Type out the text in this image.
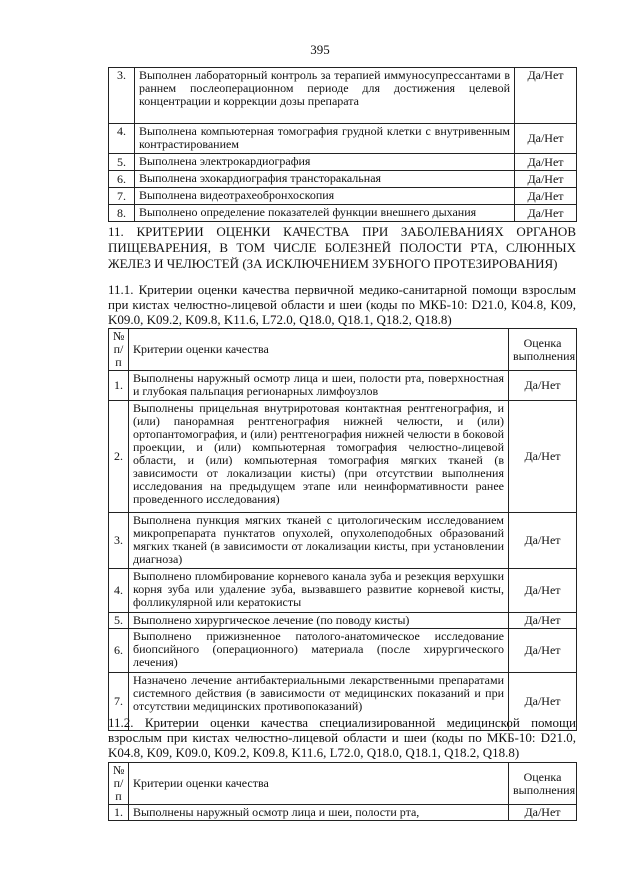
395
3.	Выполнен лабораторный контроль за терапией иммуносупрессантами в раннем послеоперационном периоде для достижения целевой концентрации и коррекции дозы препарата	Да/Нет
4.	Выполнена компьютерная томография грудной клетки с внутривенным контрастированием	Да/Нет
5.	Выполнена электрокардиография	Да/Нет
6.	Выполнена эхокардиография трансторакальная	Да/Нет
7.	Выполнена видеотрахеобронхоскопия	Да/Нет
8.	Выполнено определение показателей функции внешнего дыхания	Да/Нет
11. КРИТЕРИИ ОЦЕНКИ КАЧЕСТВА ПРИ ЗАБОЛЕВАНИЯХ ОРГАНОВ ПИЩЕВАРЕНИЯ, В ТОМ ЧИСЛЕ БОЛЕЗНЕЙ ПОЛОСТИ РТА, СЛЮННЫХ ЖЕЛЕЗ И ЧЕЛЮСТЕЙ (ЗА ИСКЛЮЧЕНИЕМ ЗУБНОГО ПРОТЕЗИРОВАНИЯ)
11.1. Критерии оценки качества первичной медико-санитарной помощи взрослым при кистах челюстно-лицевой области и шеи (коды по МКБ-10: D21.0, K04.8, K09, K09.0, K09.2, K09.8, K11.6, L72.0, Q18.0, Q18.1, Q18.2, Q18.8)
№ п/п	Критерии оценки качества	Оценка выполнения
1.	Выполнены наружный осмотр лица и шеи, полости рта, поверхностная и глубокая пальпация регионарных лимфоузлов	Да/Нет
2.	Выполнены прицельная внутриротовая контактная рентгенография, и (или) панорамная рентгенография нижней челюсти, и (или) ортопантомография, и (или) рентгенография нижней челюсти в боковой проекции, и (или) компьютерная томография челюстно-лицевой области, и (или) компьютерная томография мягких тканей (в зависимости от локализации кисты) (при отсутствии выполнения исследования на предыдущем этапе или неинформативности ранее проведенного исследования)	Да/Нет
3.	Выполнена пункция мягких тканей с цитологическим исследованием микропрепарата пунктатов опухолей, опухолеподобных образований мягких тканей (в зависимости от локализации кисты, при установлении диагноза)	Да/Нет
4.	Выполнено пломбирование корневого канала зуба и резекция верхушки корня зуба или удаление зуба, вызвавшего развитие корневой кисты, фолликулярной или кератокисты	Да/Нет
5.	Выполнено хирургическое лечение (по поводу кисты)	Да/Нет
6.	Выполнено прижизненное патолого-анатомическое исследование биопсийного (операционного) материала (после хирургического лечения)	Да/Нет
7.	Назначено лечение антибактериальными лекарственными препаратами системного действия (в зависимости от медицинских показаний и при отсутствии медицинских противопоказаний)	Да/Нет
11.2. Критерии оценки качества специализированной медицинской помощи взрослым при кистах челюстно-лицевой области и шеи (коды по МКБ-10: D21.0, K04.8, K09, K09.0, K09.2, K09.8, K11.6, L72.0, Q18.0, Q18.1, Q18.2, Q18.8)
№ п/п	Критерии оценки качества	Оценка выполнения
1.	Выполнены наружный осмотр лица и шеи, полости рта,	Да/Нет
